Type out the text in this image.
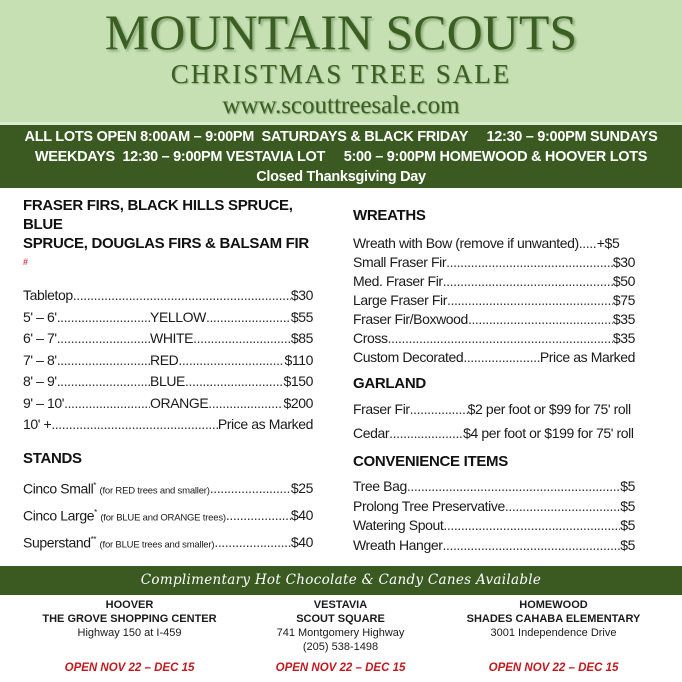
MOUNTAIN SCOUTS
CHRISTMAS TREE SALE
www.scouttreesale.com
ALL LOTS OPEN 8:00AM – 9:00PM  SATURDAYS & BLACK FRIDAY     12:30 – 9:00PM SUNDAYS
WEEKDAYS  12:30 – 9:00PM VESTAVIA LOT     5:00 – 9:00PM HOMEWOOD & HOOVER LOTS
Closed Thanksgiving Day
FRASER FIRS, BLACK HILLS SPRUCE, BLUE
SPRUCE, DOUGLAS FIRS & BALSAM FIR #
Tabletop .....	$30
5' – 6' .....	YELLOW .....	$55
6' – 7' .....	WHITE .....	$85
7' – 8' .....	RED .....	$110
8' – 9' .....	BLUE .....	$150
9' – 10' .....	ORANGE .....	$200
10' + .....	Price as Marked
STANDS
Cinco Small* (for RED trees and smaller) .....	$25
Cinco Large* (for BLUE and ORANGE trees) .....	$40
Superstand** (for BLUE trees and smaller) .....	$40
WREATHS
Wreath with Bow (remove if unwanted) ..... +$5
Small Fraser Fir .....	$30
Med. Fraser Fir .....	$50
Large Fraser Fir .....	$75
Fraser Fir/Boxwood .....	$35
Cross .....	$35
Custom Decorated .....	Price as Marked
GARLAND
Fraser Fir .....	$2 per foot or $99 for 75' roll
Cedar .....	$4 per foot or $199 for 75' roll
CONVENIENCE ITEMS
Tree Bag .....	$5
Prolong Tree Preservative .....	$5
Watering Spout .....	$5
Wreath Hanger .....	$5
Complimentary Hot Chocolate & Candy Canes Available
HOOVER
THE GROVE SHOPPING CENTER
Highway 150 at I-459
OPEN NOV 22 – DEC 15
VESTAVIA
SCOUT SQUARE
741 Montgomery Highway
(205) 538-1498
OPEN NOV 22 – DEC 15
HOMEWOOD
SHADES CAHABA ELEMENTARY
3001 Independence Drive
OPEN NOV 22 – DEC 15
